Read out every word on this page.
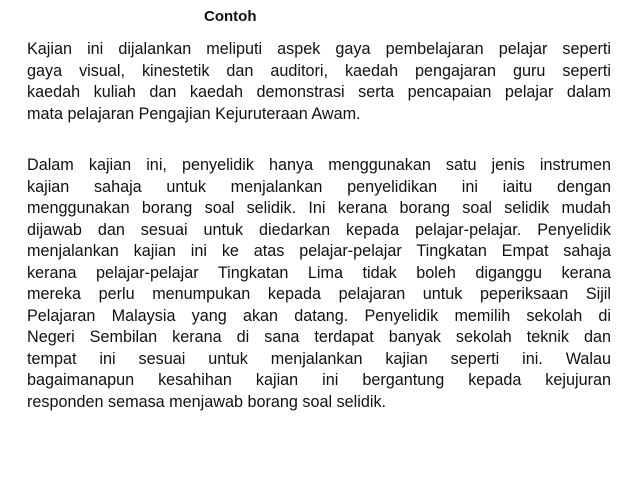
Contoh
Kajian ini dijalankan meliputi aspek gaya pembelajaran pelajar seperti
gaya visual, kinestetik dan auditori, kaedah pengajaran guru seperti
kaedah kuliah dan kaedah demonstrasi serta pencapaian pelajar dalam
mata pelajaran Pengajian Kejuruteraan Awam.
Dalam kajian ini, penyelidik hanya menggunakan satu jenis instrumen
kajian sahaja untuk menjalankan penyelidikan ini iaitu dengan
menggunakan borang soal selidik. Ini kerana borang soal selidik mudah
dijawab dan sesuai untuk diedarkan kepada pelajar-pelajar. Penyelidik
menjalankan kajian ini ke atas pelajar-pelajar Tingkatan Empat sahaja
kerana pelajar-pelajar Tingkatan Lima tidak boleh diganggu kerana
mereka perlu menumpukan kepada pelajaran untuk peperiksaan Sijil
Pelajaran Malaysia yang akan datang. Penyelidik memilih sekolah di
Negeri Sembilan kerana di sana terdapat banyak sekolah teknik dan
tempat ini sesuai untuk menjalankan kajian seperti ini. Walau
bagaimanapun kesahihan kajian ini bergantung kepada kejujuran
responden semasa menjawab borang soal selidik.
